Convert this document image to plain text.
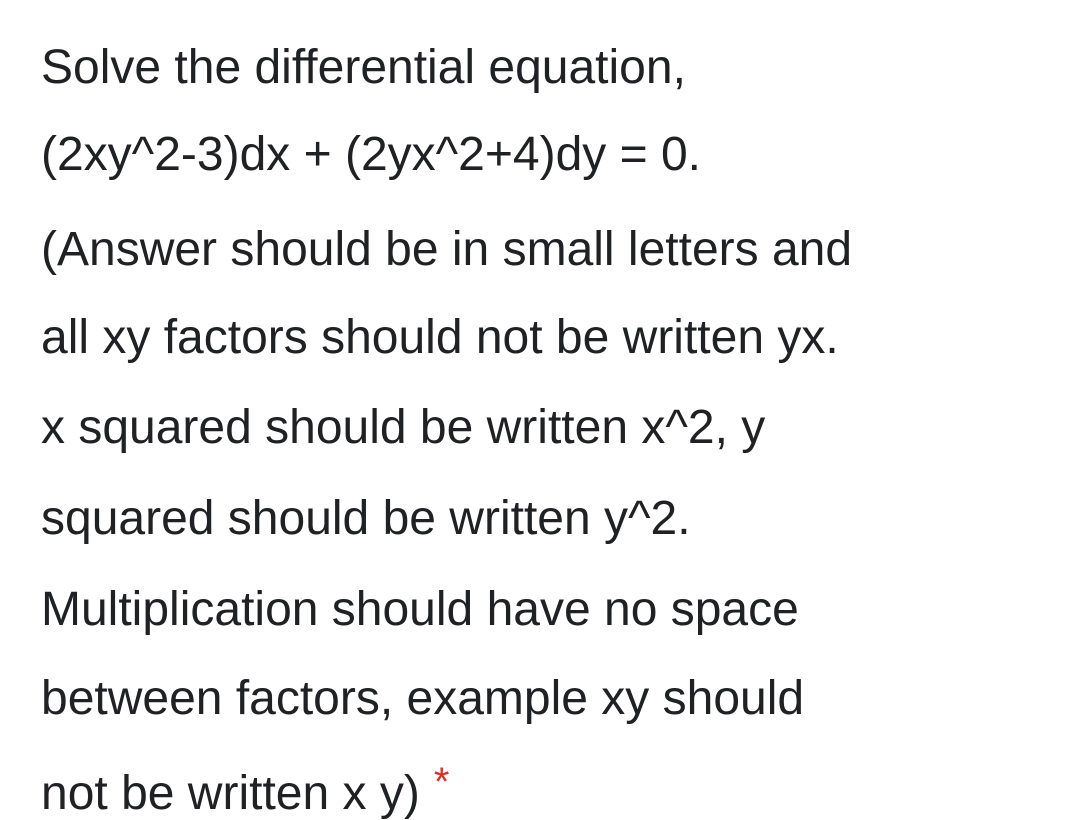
Solve the differential equation,
(2xy^2-3)dx + (2yx^2+4)dy = 0.
(Answer should be in small letters and
all xy factors should not be written yx.
x squared should be written x^2, y
squared should be written y^2.
Multiplication should have no space
between factors, example xy should
not be written x y) *
